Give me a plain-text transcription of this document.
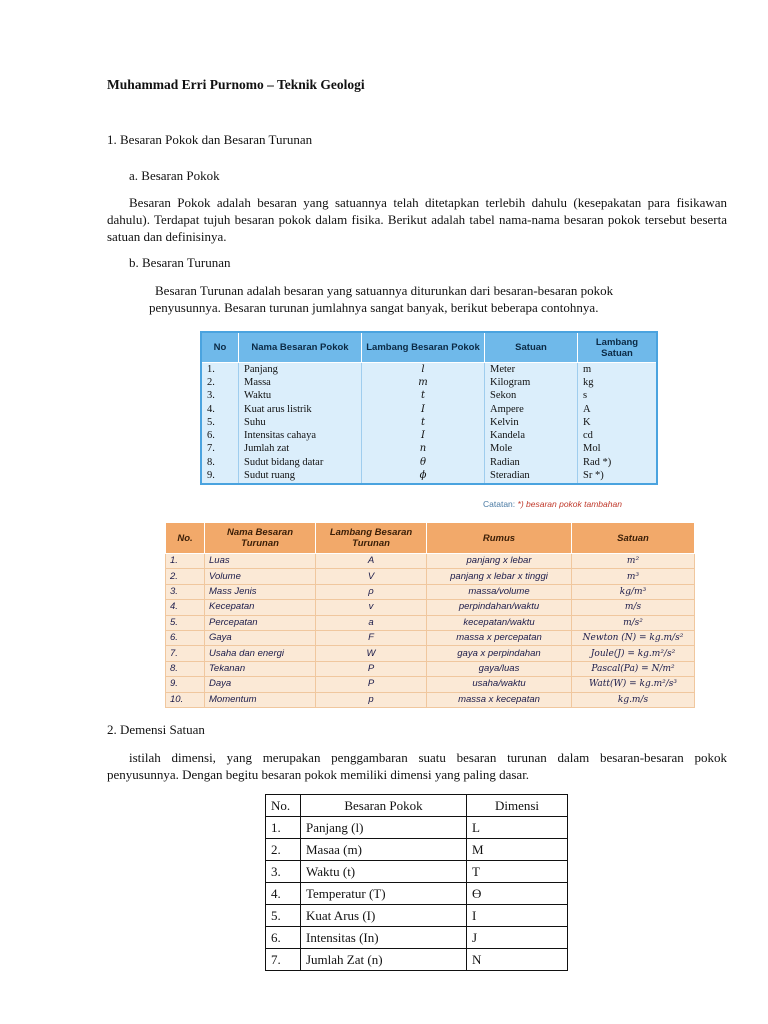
Muhammad Erri Purnomo – Teknik Geologi
1. Besaran Pokok dan Besaran Turunan
a. Besaran Pokok
Besaran Pokok adalah besaran yang satuannya telah ditetapkan terlebih dahulu (kesepakatan para fisikawan dahulu). Terdapat tujuh besaran pokok dalam fisika. Berikut adalah tabel nama-nama besaran pokok tersebut beserta satuan dan definisinya.
b. Besaran Turunan
Besaran Turunan adalah besaran yang satuannya diturunkan dari besaran-besaran pokok
penyusunnya. Besaran turunan jumlahnya sangat banyak, berikut beberapa contohnya.
No	Nama Besaran Pokok	Lambang Besaran Pokok	Satuan	Lambang Satuan
1.	Panjang	l	Meter	m
2.	Massa	m	Kilogram	kg
3.	Waktu	t	Sekon	s
4.	Kuat arus listrik	I	Ampere	A
5.	Suhu	t	Kelvin	K
6.	Intensitas cahaya	I	Kandela	cd
7.	Jumlah zat	n	Mole	Mol
8.	Sudut bidang datar	θ	Radian	Rad *)
9.	Sudut ruang	ϕ	Steradian	Sr *)
Catatan: *) besaran pokok tambahan
No.	Nama Besaran Turunan	Lambang Besaran Turunan	Rumus	Satuan
1.	Luas	A	panjang x lebar	m²
2.	Volume	V	panjang x lebar x tinggi	m³
3.	Mass Jenis	ρ	massa/volume	kg/m³
4.	Kecepatan	v	perpindahan/waktu	m/s
5.	Percepatan	a	kecepatan/waktu	m/s²
6.	Gaya	F	massa x percepatan	Newton (N) = kg.m/s²
7.	Usaha dan energi	W	gaya x perpindahan	Joule(J) = kg.m²/s²
8.	Tekanan	P	gaya/luas	Pascal(Pa) = N/m²
9.	Daya	P	usaha/waktu	Watt(W) = kg.m²/s³
10.	Momentum	p	massa x kecepatan	kg.m/s
2. Demensi Satuan
istilah dimensi, yang merupakan penggambaran suatu besaran turunan dalam besaran-besaran pokok penyusunnya. Dengan begitu besaran pokok memiliki dimensi yang paling dasar.
No.	Besaran Pokok	Dimensi
1.	Panjang (l)	L
2.	Masaa (m)	M
3.	Waktu (t)	T
4.	Temperatur (T)	ϴ
5.	Kuat Arus (I)	I
6.	Intensitas (In)	J
7.	Jumlah Zat (n)	N
